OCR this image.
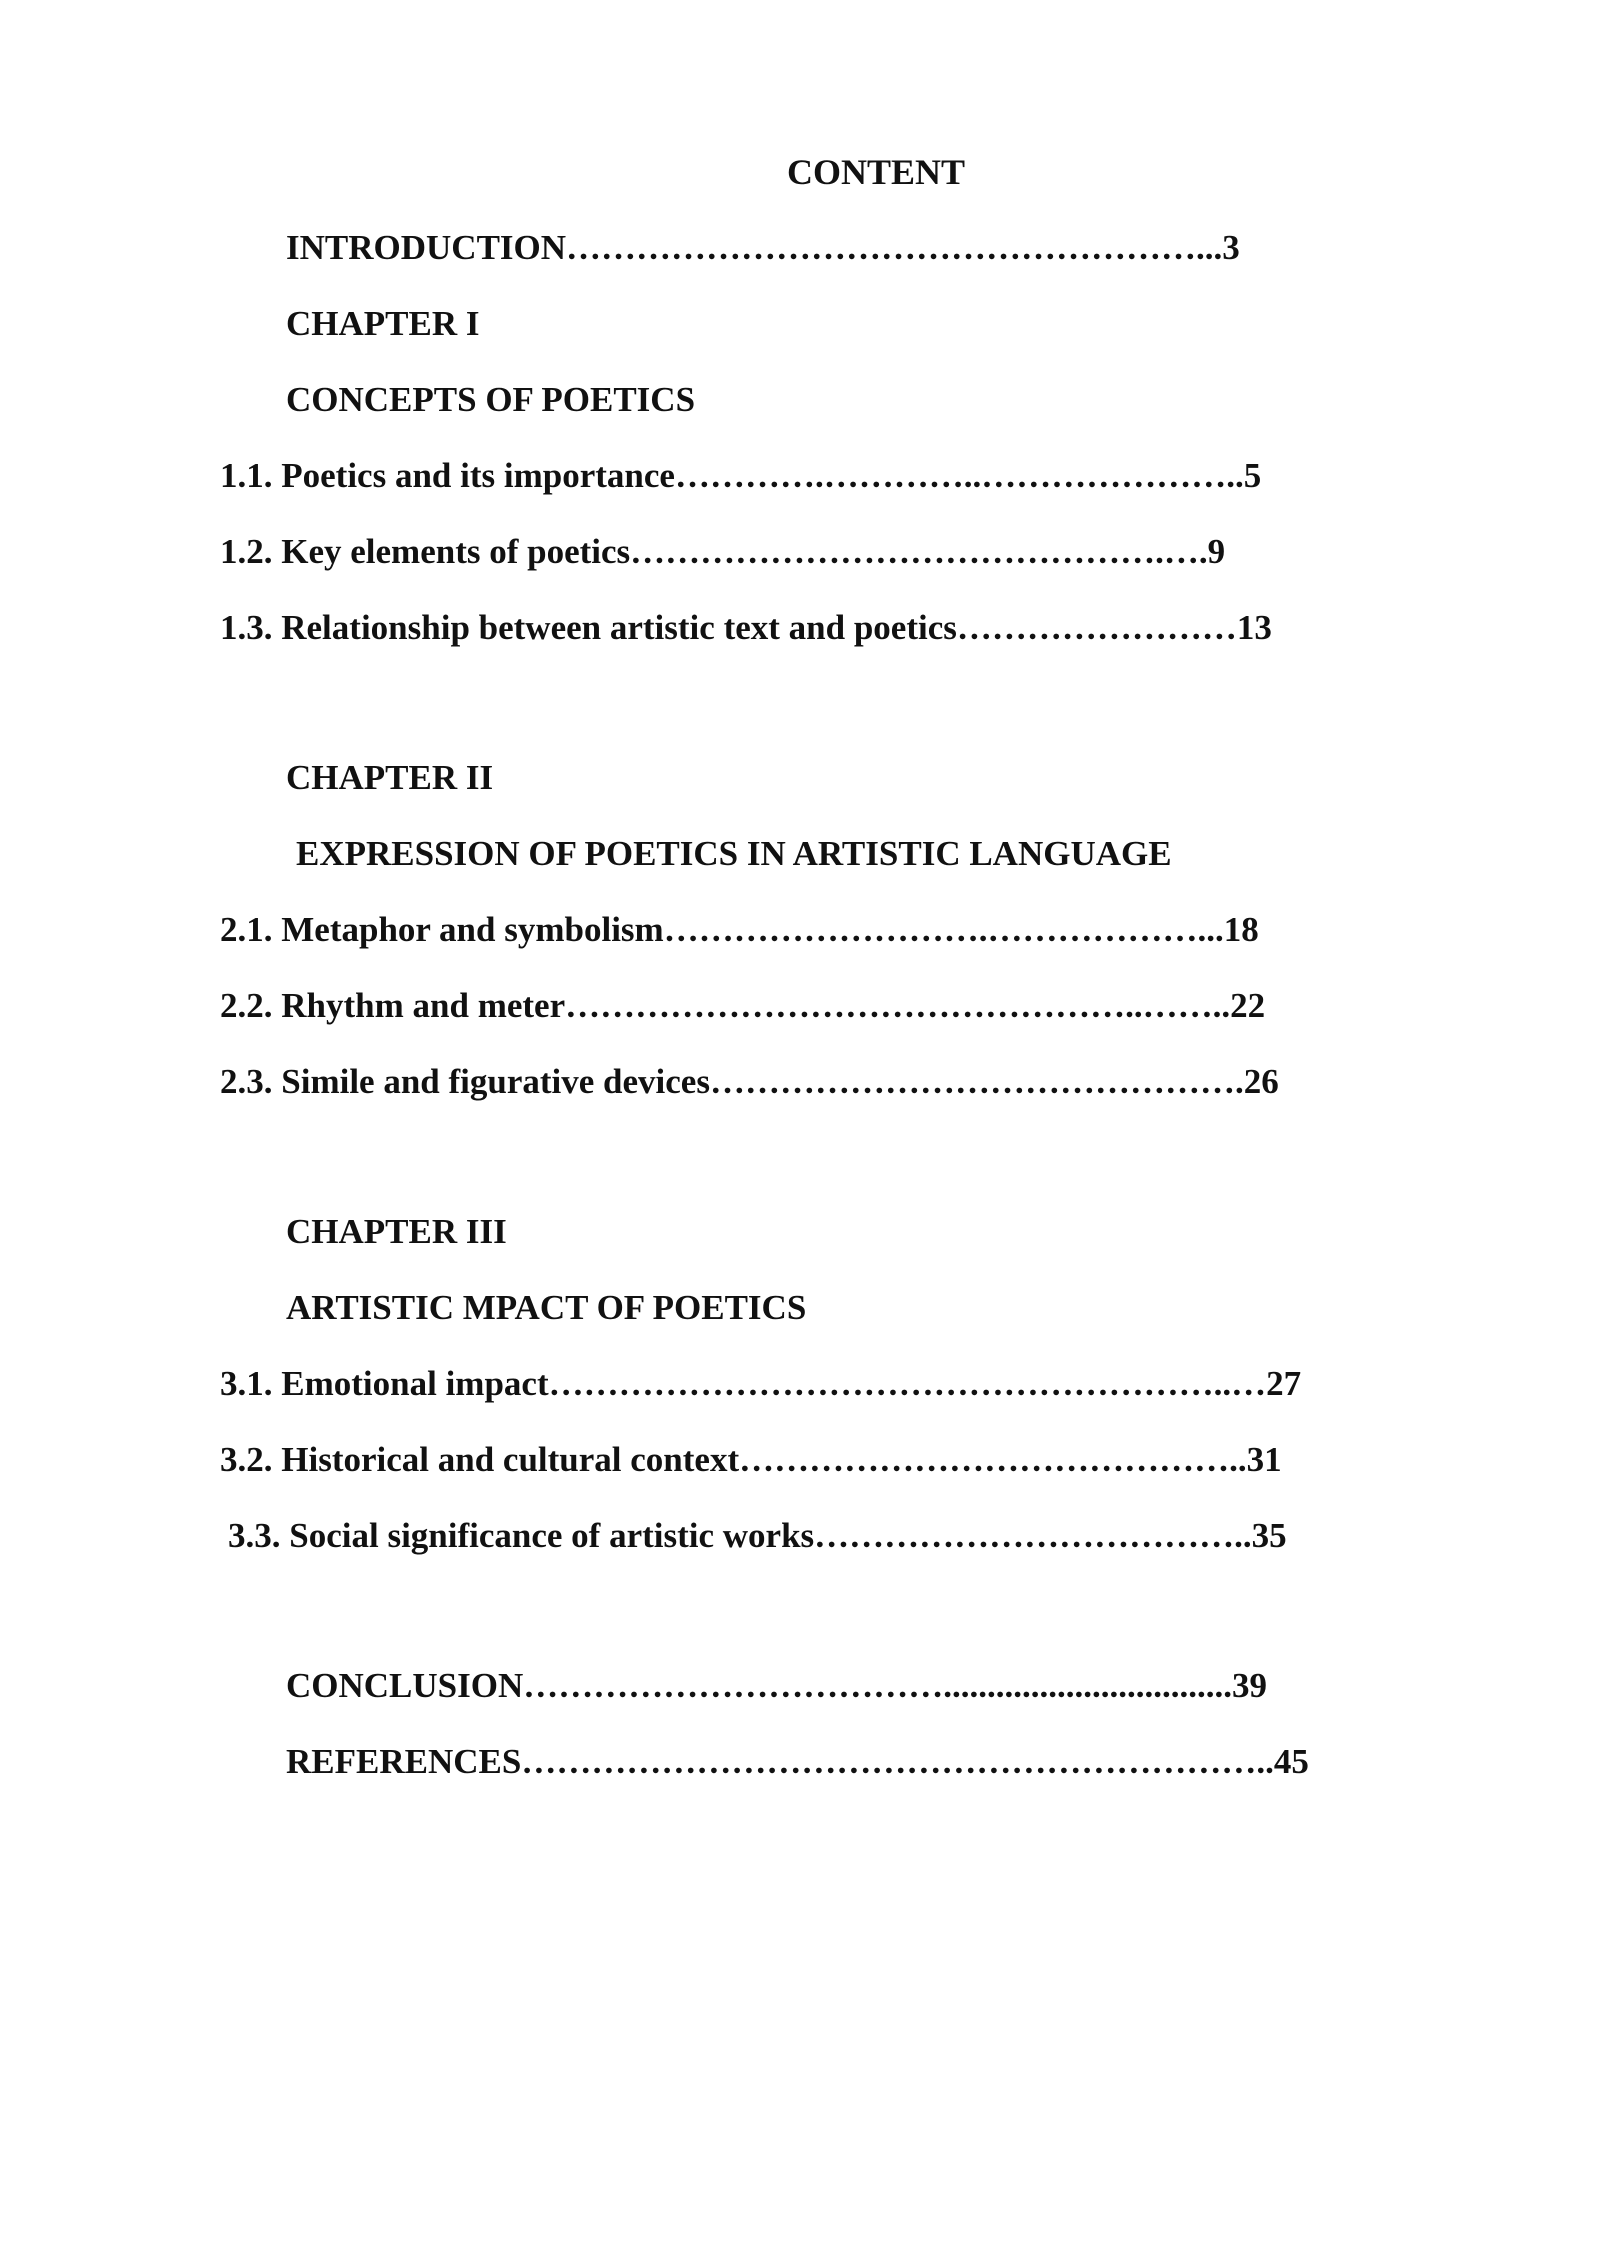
CONTENT
INTRODUCTION………………………………………………...3
CHAPTER I
CONCEPTS OF POETICS
1.1. Poetics and its importance………….…………..…………………..5
1.2. Key elements of poetics……………………………………….….9
1.3. Relationship between artistic text and poetics……………………13
CHAPTER II
EXPRESSION OF POETICS IN ARTISTIC LANGUAGE
2.1. Metaphor and symbolism……………………….………………...18
2.2. Rhythm and meter…………………………………………..……..22
2.3. Simile and figurative devices……………………………………….26
CHAPTER III
ARTISTIC MPACT OF POETICS
3.1. Emotional impact…………………………………………………..…27
3.2. Historical and cultural context……………………………………..31
3.3. Social significance of artistic works………………………………..35
CONCLUSION……………………………….................................39
REFERENCES………………………………………………………..45
